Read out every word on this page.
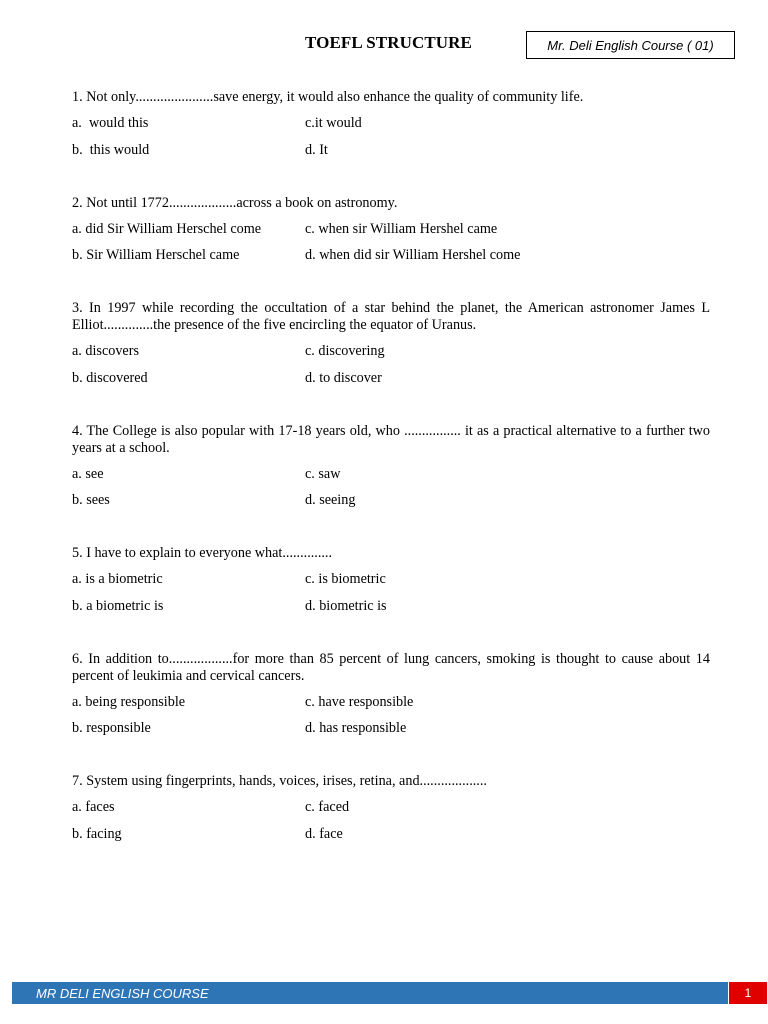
TOEFL STRUCTURE	Mr. Deli English Course ( 01)
1. Not only......................save energy, it would also enhance the quality of community life.
a.  would this	c.it would
b.  this would	d. It
2. Not until 1772...................across a book on astronomy.
a. did Sir William Herschel come	c. when sir William Hershel came
b. Sir William Herschel came	d. when did sir William Hershel come
3. In 1997 while recording the occultation of a star behind the planet, the American astronomer James L Elliot..............the presence of the five encircling the equator of Uranus.
a. discovers	c. discovering
b. discovered	d. to discover
4. The College is also popular with 17-18 years old, who ................ it as a practical alternative to a further two years at a school.
a. see	c. saw
b. sees	d. seeing
5. I have to explain to everyone what..............
a. is a biometric	c. is biometric
b. a biometric is	d. biometric is
6. In addition to..................for more than 85 percent of lung cancers, smoking is thought to cause about 14 percent of leukimia and cervical cancers.
a. being responsible	c. have responsible
b. responsible	d. has responsible
7. System using fingerprints, hands, voices, irises, retina, and...................
a. faces	c. faced
b. facing	d. face
MR DELI ENGLISH COURSE	1
